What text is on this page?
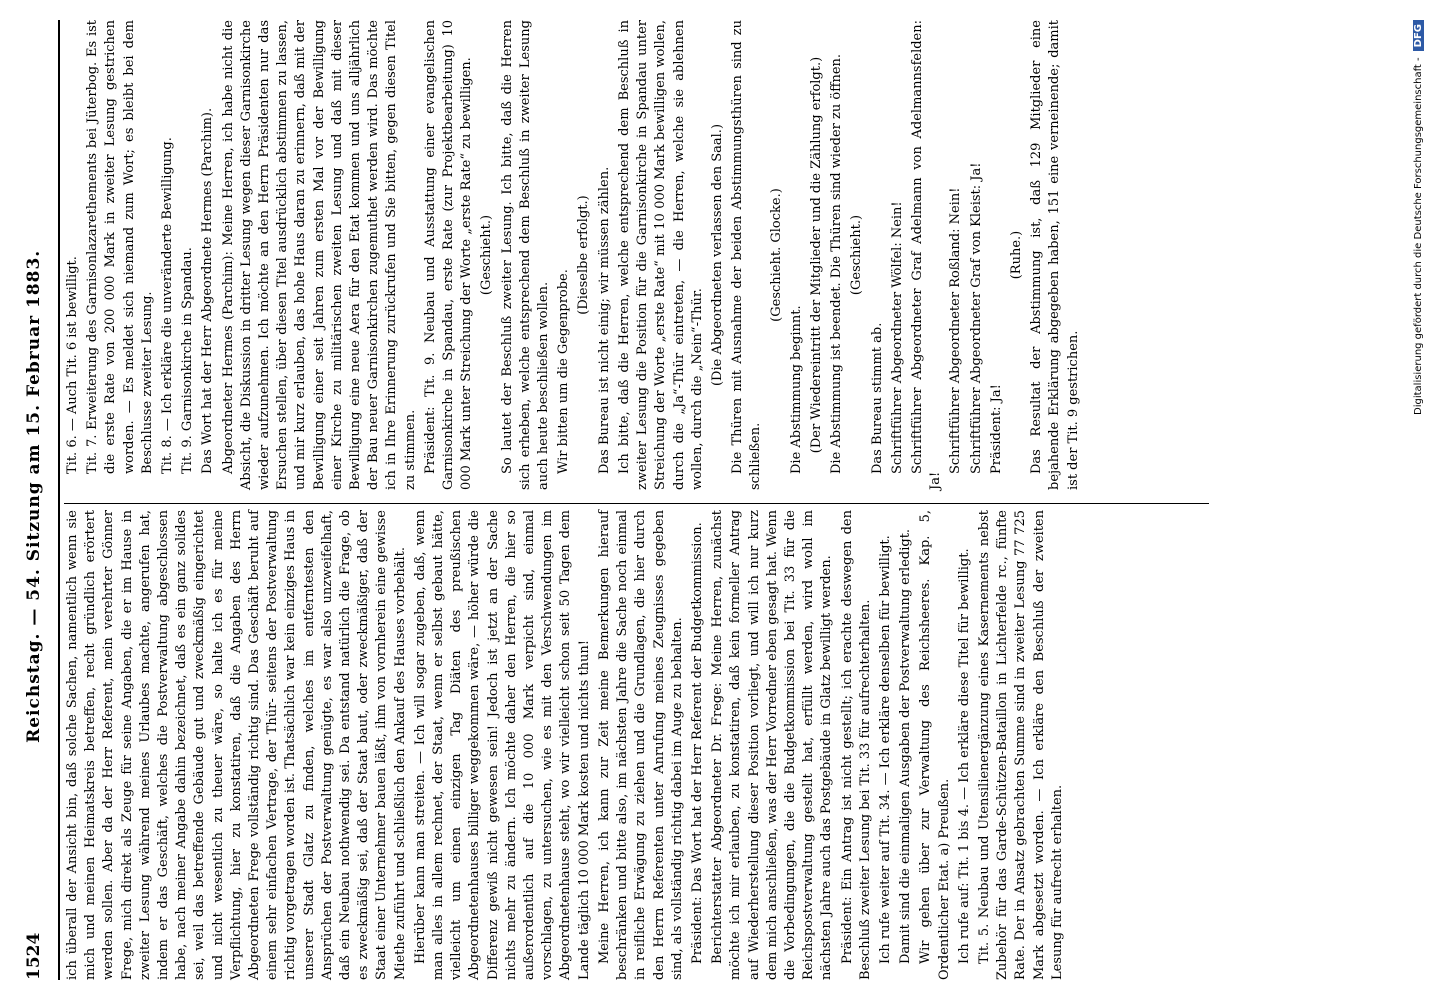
1524
Reichstag. — 54. Sitzung am 15. Februar 1883.

ich überall der Ansicht bin, daß solche Sachen, namentlich wenn sie mich und meinen Heimatskreis betreffen, recht gründlich erörtert werden sollen. Aber da der Herr Referent, mein verehrter Gönner Frege, mich direkt als Zeuge für seine Angaben, die er im Hause in zweiter Lesung während meines Urlaubes machte, angerufen hat, indem er das Geschäft, welches die Postverwaltung abgeschlossen habe, nach meiner Angabe dahin bezeichnet, daß es ein ganz solides sei, weil das betreffende Gebäude gut und zweckmäßig eingerichtet und nicht wesentlich zu theuer wäre, so halte ich es für meine Verpflichtung, hier zu konstatiren, daß die Angaben des Herrn Abgeordneten Frege vollständig richtig sind. Das Geschäft beruht auf einem sehr einfachen Vertrage, der Thür- seitens der Postverwaltung richtig vorgetragen worden ist. Thatsächlich war kein einziges Haus in unserer Stadt Glatz zu finden, welches im entferntesten den Ansprüchen der Postverwaltung genügte, es war also unzweifelhaft, daß ein Neubau nothwendig sei. Da entstand natürlich die Frage, ob es zweckmäßig sei, daß der Staat baut, oder zweckmäßiger, daß der Staat einer Unternehmer bauen läßt, ihm von vornherein eine gewisse Miethe zuführt und schließlich den Ankauf des Hauses vorbehält. Hierüber kann man streiten. — Ich will sogar zugeben, daß, wenn man alles in allem rechnet, der Staat, wenn er selbst gebaut hätte, vielleicht um einen einzigen Tag Diäten des preußischen Abgeordnetenhauses billiger weggekommen wäre, — höher würde die Differenz gewiß nicht gewesen sein! Jedoch ist jetzt an der Sache nichts mehr zu ändern. Ich möchte daher den Herren, die hier so außerordentlich auf die 10 000 Mark verpicht sind, einmal vorschlagen, zu untersuchen, wie es mit den Verschwendungen im Abgeordnetenhause steht, wo wir vielleicht schon seit 50 Tagen dem Lande täglich 10 000 Mark kosten und nichts thun! Meine Herren, ich kann zur Zeit meine Bemerkungen hierauf beschränken und bitte also, im nächsten Jahre die Sache noch einmal in reifliche Erwägung zu ziehen und die Grundlagen, die hier durch den Herrn Referenten unter Anrufung meines Zeugnisses gegeben sind, als vollständig richtig dabei im Auge zu behalten. Präsident: Das Wort hat der Herr Referent der Budgetkommission. Berichterstatter Abgeordneter Dr. Frege: Meine Herren, zunächst möchte ich mir erlauben, zu konstatiren, daß kein formeller Antrag auf Wiederherstellung dieser Position vorliegt, und will ich nur kurz dem mich anschließen, was der Herr Vorredner eben gesagt hat. Wenn die Vorbedingungen, die die Budgetkommission bei Tit. 33 für die Reichspostverwaltung gestellt hat, erfüllt werden, wird wohl im nächsten Jahre auch das Postgebäude in Glatz bewilligt werden. Präsident: Ein Antrag ist nicht gestellt; ich erachte deswegen den Beschluß zweiter Lesung bei Tit. 33 für aufrechterhalten. Ich rufe weiter auf Tit. 34. — Ich erkläre denselben für bewilligt. Damit sind die einmaligen Ausgaben der Postverwaltung erledigt. Wir gehen über zur Verwaltung des Reichsheeres. Kap. 5, Ordentlicher Etat. a) Preußen. Ich rufe auf: Tit. 1 bis 4. — Ich erkläre diese Titel für bewilligt. Tit. 5. Neubau und Utensilienergänzung eines Kasernements nebst Zubehör für das Garde-Schützen-Bataillon in Lichterfelde rc., fünfte Rate. Der in Ansatz gebrachten Summe sind in zweiter Lesung 77 725 Mark abgesetzt worden. — Ich erkläre den Beschluß der zweiten Lesung für aufrecht erhalten.

Tit. 6. — Auch Tit. 6 ist bewilligt. Tit. 7. Erweiterung des Garnisonlazarethements bei Jüterbog. Es ist die erste Rate von 200 000 Mark in zweiter Lesung gestrichen worden. — Es meldet sich niemand zum Wort; es bleibt bei dem Beschlusse zweiter Lesung. Tit. 8. — Ich erkläre die unveränderte Bewilligung. Tit. 9. Garnisonkirche in Spandau. Das Wort hat der Herr Abgeordnete Hermes (Parchim). Abgeordneter Hermes (Parchim): Meine Herren, ich habe nicht die Absicht, die Diskussion in dritter Lesung wegen dieser Garnisonkirche wieder aufzunehmen. Ich möchte an den Herrn Präsidenten nur das Ersuchen stellen, über diesen Titel ausdrücklich abstimmen zu lassen, und mir kurz erlauben, das hohe Haus daran zu erinnern, daß mit der Bewilligung einer seit Jahren zum ersten Mal vor der Bewilligung einer Kirche zu militärischen zweiten Lesung und daß mit dieser Bewilligung eine neue Aera für den Etat kommen und uns alljährlich der Bau neuer Garnisonkirchen zugemuthet werden wird. Das möchte ich in Ihre Erinnerung zurückrufen und Sie bitten, gegen diesen Titel zu stimmen. Präsident: Tit. 9. Neubau und Ausstattung einer evangelischen Garnisonkirche in Spandau, erste Rate (zur Projektbearbeitung) 10 000 Mark unter Streichung der Worte „erste Rate“ zu bewilligen. (Geschieht.) So lautet der Beschluß zweiter Lesung. Ich bitte, daß die Herren sich erheben, welche entsprechend dem Beschluß in zweiter Lesung auch heute beschließen wollen. Wir bitten um die Gegenprobe.

(Dieselbe erfolgt.) Das Bureau ist nicht einig; wir müssen zählen. Ich bitte, daß die Herren, welche entsprechend dem Beschluß in zweiter Lesung die Position für die Garnisonkirche in Spandau unter Streichung der Worte „erste Rate“ mit 10 000 Mark bewilligen wollen, durch die „Ja“-Thür eintreten, — die Herren, welche sie ablehnen wollen, durch die „Nein“-Thür.

(Die Abgeordneten verlassen den Saal.) Die Thüren mit Ausnahme der beiden Abstimmungsthüren sind zu schließen.

(Geschieht. Glocke.)

Die Abstimmung beginnt. (Der Wiedereintritt der Mitglieder und die Zählung erfolgt.) Die Abstimmung ist beendet. Die Thüren sind wieder zu öffnen. (Geschieht.)

Das Bureau stimmt ab. Schriftführer Abgeordneter Wölfel: Nein! Schriftführer Abgeordneter Graf Adelmann von Adelmannsfelden: Ja!

Schriftführer Abgeordneter Roßland: Nein! Schriftführer Abgeordneter Graf von Kleist: Ja! Präsident: Ja!

(Ruhe.) Das Resultat der Abstimmung ist, daß 129 Mitglieder eine bejahende Erklärung abgegeben haben, 151 eine verneinende; damit ist der Tit. 9 gestrichen.	Digitalisierung gefördert durch die Deutsche Forschungsgemeinschaft -
DFG
